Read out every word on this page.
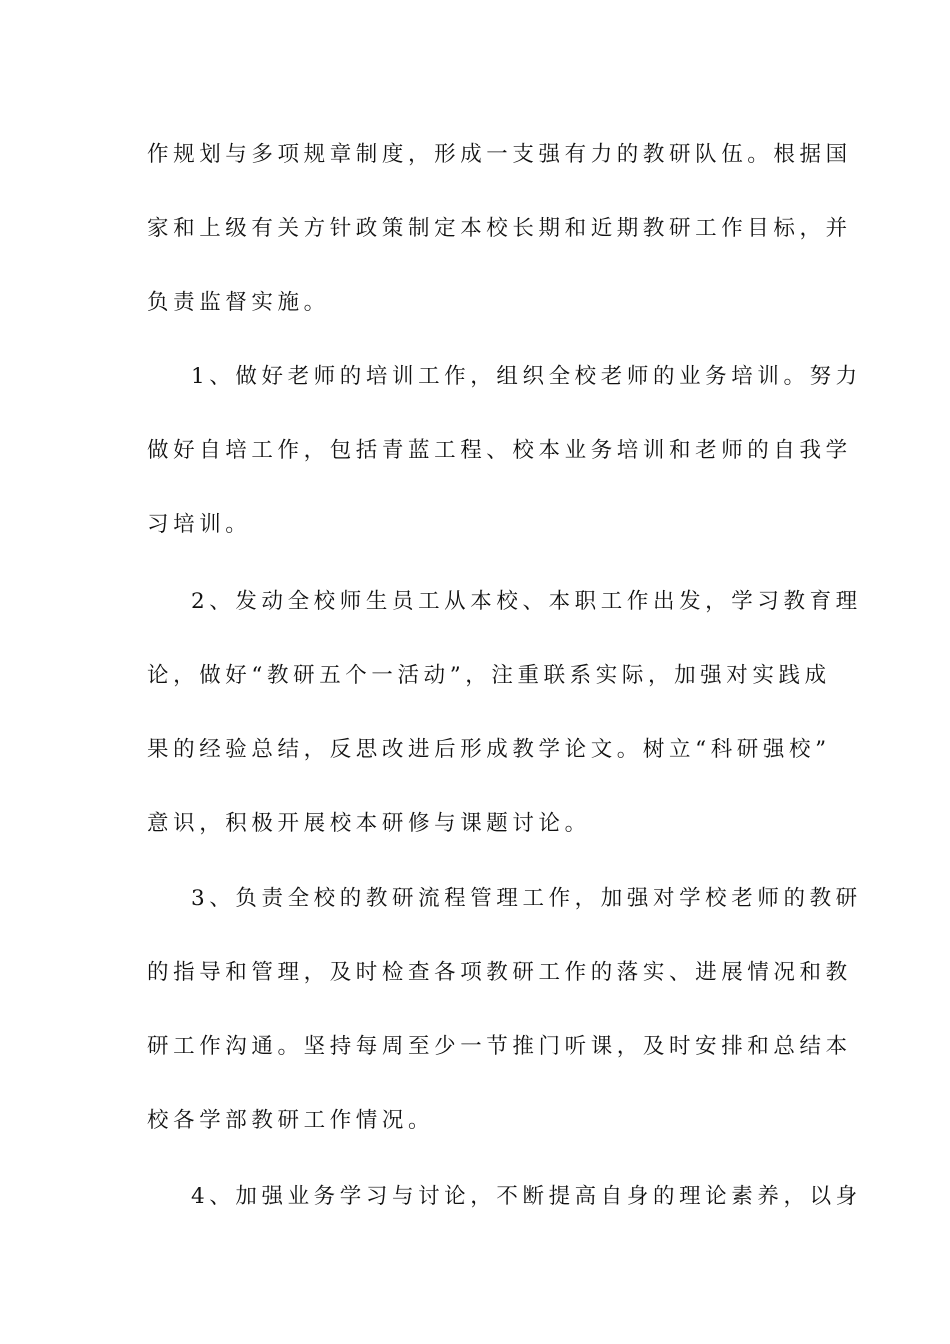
作规划与多项规章制度，形成一支强有力的教研队伍。根据国
家和上级有关方针政策制定本校长期和近期教研工作目标，并
负责监督实施。
1、做好老师的培训工作，组织全校老师的业务培训。努力
做好自培工作，包括青蓝工程、校本业务培训和老师的自我学
习培训。
2、发动全校师生员工从本校、本职工作出发，学习教育理
论，做好“教研五个一活动”，注重联系实际，加强对实践成
果的经验总结，反思改进后形成教学论文。树立“科研强校”
意识，积极开展校本研修与课题讨论。
3、负责全校的教研流程管理工作，加强对学校老师的教研
的指导和管理，及时检查各项教研工作的落实、进展情况和教
研工作沟通。坚持每周至少一节推门听课，及时安排和总结本
校各学部教研工作情况。
4、加强业务学习与讨论，不断提高自身的理论素养，以身
